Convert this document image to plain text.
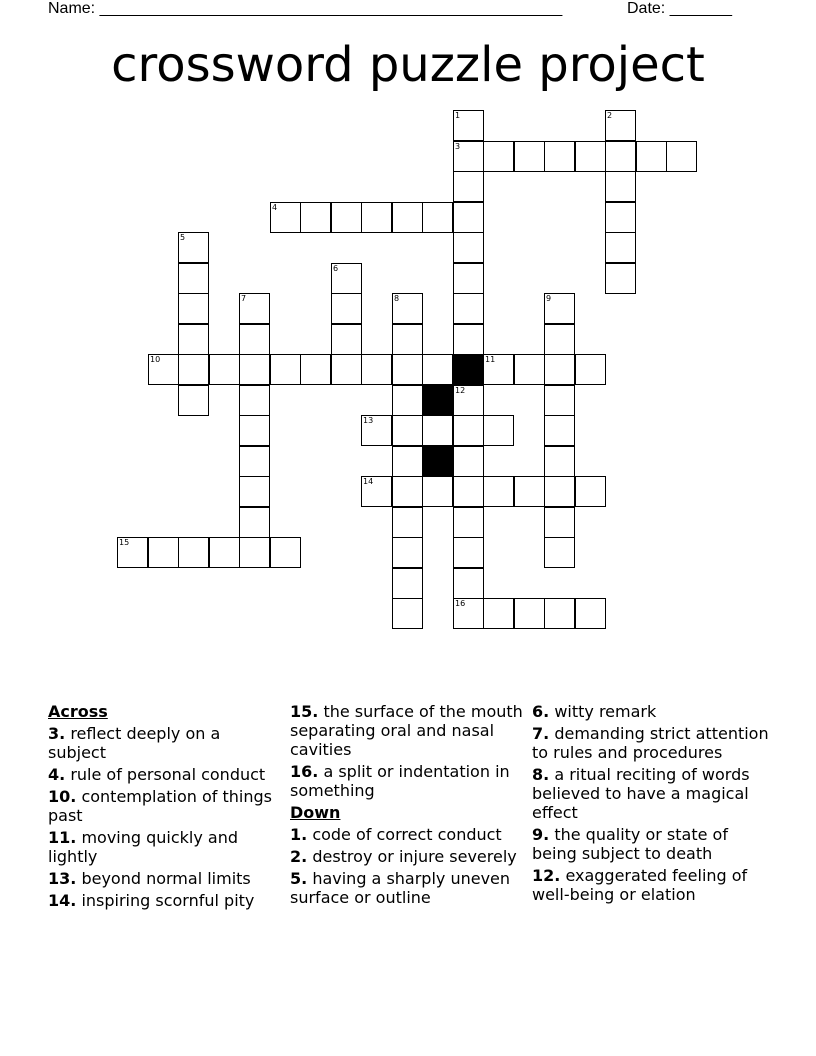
Name: ____________________________________________________	Date: _______
crossword puzzle project
1	2
3
4
5
6
7	8	9
10	11
12
13
14
15
16
Across
3. reflect deeply on a subject
4. rule of personal conduct
10. contemplation of things past
11. moving quickly and lightly
13. beyond normal limits
14. inspiring scornful pity
15. the surface of the mouth separating oral and nasal cavities
16. a split or indentation in something
Down
1. code of correct conduct
2. destroy or injure severely
5. having a sharply uneven surface or outline
6. witty remark
7. demanding strict attention to rules and procedures
8. a ritual reciting of words believed to have a magical effect
9. the quality or state of being subject to death
12. exaggerated feeling of well-being or elation
